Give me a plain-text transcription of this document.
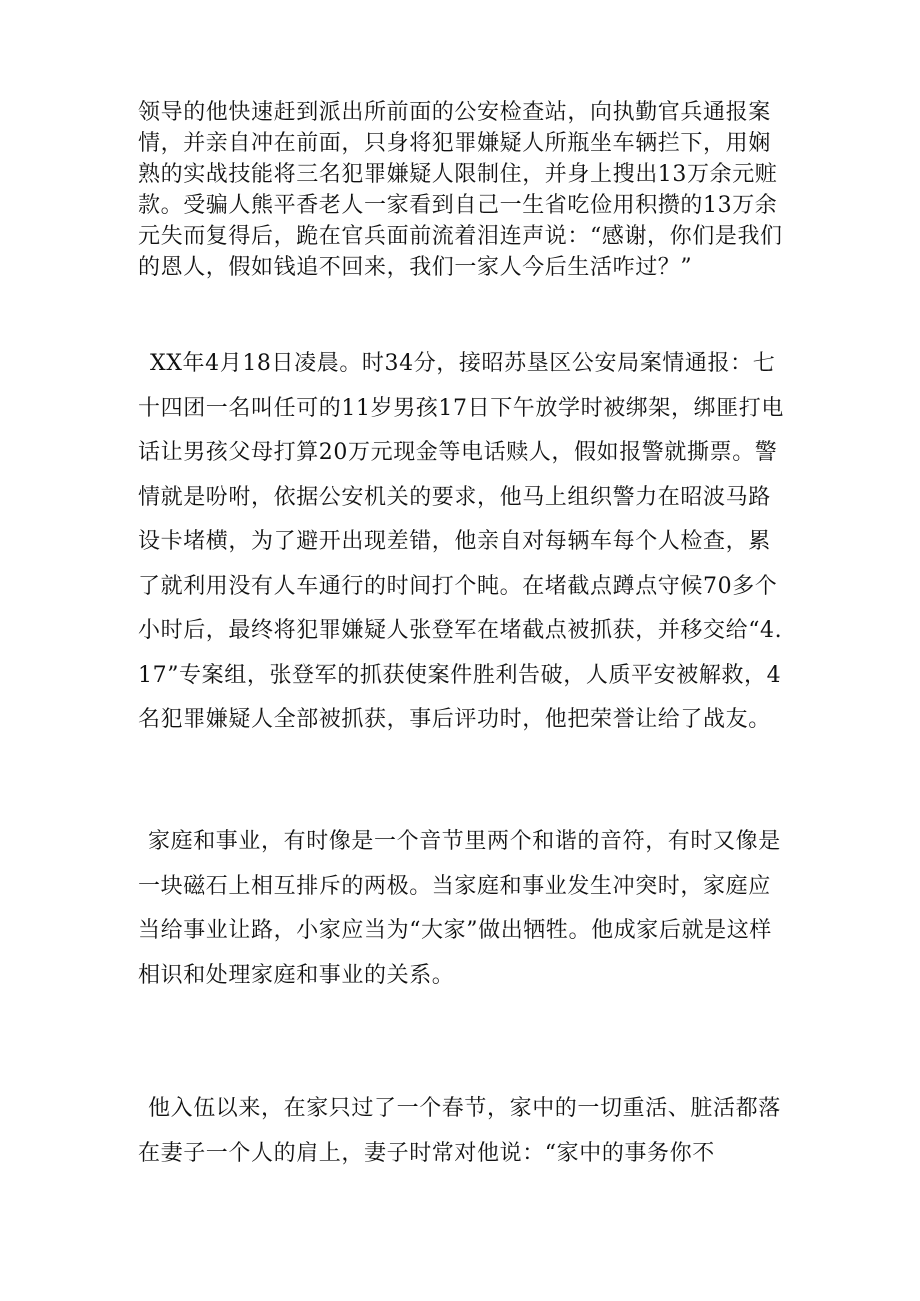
领导的他快速赶到派出所前面的公安检查站，向执勤官兵通报案情，并亲自冲在前面，只身将犯罪嫌疑人所瓶坐车辆拦下，用娴熟的实战技能将三名犯罪嫌疑人限制住，并身上搜出13万余元赃款。受骗人熊平香老人一家看到自己一生省吃俭用积攒的13万余元失而复得后，跪在官兵面前流着泪连声说：“感谢，你们是我们的恩人，假如钱追不回来，我们一家人今后生活咋过？”

XX年4月18日凌晨。时34分，接昭苏垦区公安局案情通报：七十四团一名叫任可的11岁男孩17日下午放学时被绑架，绑匪打电话让男孩父母打算20万元现金等电话赎人，假如报警就撕票。警情就是吩咐，依据公安机关的要求，他马上组织警力在昭波马路设卡堵横，为了避开出现差错，他亲自对每辆车每个人检查，累了就利用没有人车通行的时间打个盹。在堵截点蹲点守候70多个小时后，最终将犯罪嫌疑人张登军在堵截点被抓获，并移交给“4.17”专案组，张登军的抓获使案件胜利告破，人质平安被解救，4名犯罪嫌疑人全部被抓获，事后评功时，他把荣誉让给了战友。

家庭和事业，有时像是一个音节里两个和谐的音符，有时又像是一块磁石上相互排斥的两极。当家庭和事业发生冲突时，家庭应当给事业让路，小家应当为“大家”做出牺牲。他成家后就是这样相识和处理家庭和事业的关系。

他入伍以来，在家只过了一个春节，家中的一切重活、脏活都落在妻子一个人的肩上，妻子时常对他说：“家中的事务你不
